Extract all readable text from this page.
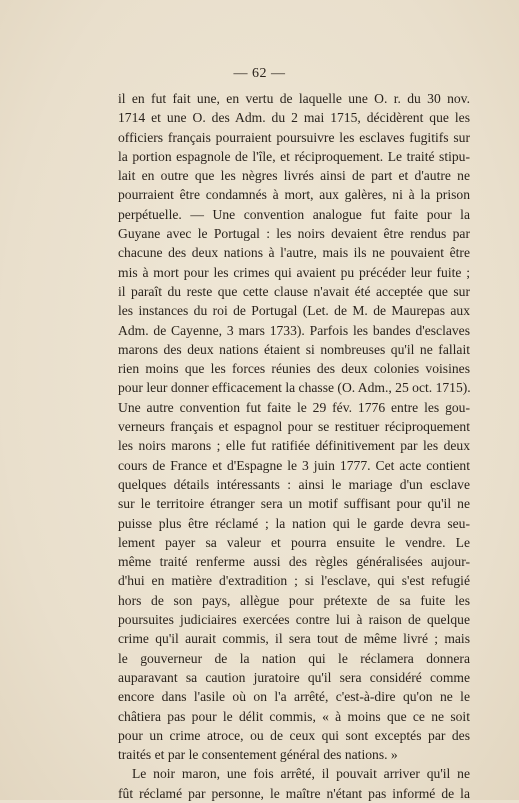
— 62 —
il en fut fait une, en vertu de laquelle une O. r. du 30 nov.
1714 et une O. des Adm. du 2 mai 1715, décidèrent que les
officiers français pourraient poursuivre les esclaves fugitifs sur
la portion espagnole de l'île, et réciproquement. Le traité stipu-
lait en outre que les nègres livrés ainsi de part et d'autre ne
pourraient être condamnés à mort, aux galères, ni à la prison
perpétuelle. — Une convention analogue fut faite pour la
Guyane avec le Portugal : les noirs devaient être rendus par
chacune des deux nations à l'autre, mais ils ne pouvaient être
mis à mort pour les crimes qui avaient pu précéder leur fuite ;
il paraît du reste que cette clause n'avait été acceptée que sur
les instances du roi de Portugal (Let. de M. de Maurepas aux
Adm. de Cayenne, 3 mars 1733). Parfois les bandes d'esclaves
marons des deux nations étaient si nombreuses qu'il ne fallait
rien moins que les forces réunies des deux colonies voisines
pour leur donner efficacement la chasse (O. Adm., 25 oct. 1715).
Une autre convention fut faite le 29 fév. 1776 entre les gou-
verneurs français et espagnol pour se restituer réciproquement
les noirs marons ; elle fut ratifiée définitivement par les deux
cours de France et d'Espagne le 3 juin 1777. Cet acte contient
quelques détails intéressants : ainsi le mariage d'un esclave
sur le territoire étranger sera un motif suffisant pour qu'il ne
puisse plus être réclamé ; la nation qui le garde devra seu-
lement payer sa valeur et pourra ensuite le vendre. Le
même traité renferme aussi des règles généralisées aujour-
d'hui en matière d'extradition ; si l'esclave, qui s'est refugié
hors de son pays, allègue pour prétexte de sa fuite les
poursuites judiciaires exercées contre lui à raison de quelque
crime qu'il aurait commis, il sera tout de même livré ; mais
le gouverneur de la nation qui le réclamera donnera
auparavant sa caution juratoire qu'il sera considéré comme
encore dans l'asile où on l'a arrêté, c'est-à-dire qu'on ne le
châtiera pas pour le délit commis, « à moins que ce ne soit
pour un crime atroce, ou de ceux qui sont exceptés par des
traités et par le consentement général des nations. »
Le noir maron, une fois arrêté, il pouvait arriver qu'il ne
fût réclamé par personne, le maître n'étant pas informé de la
